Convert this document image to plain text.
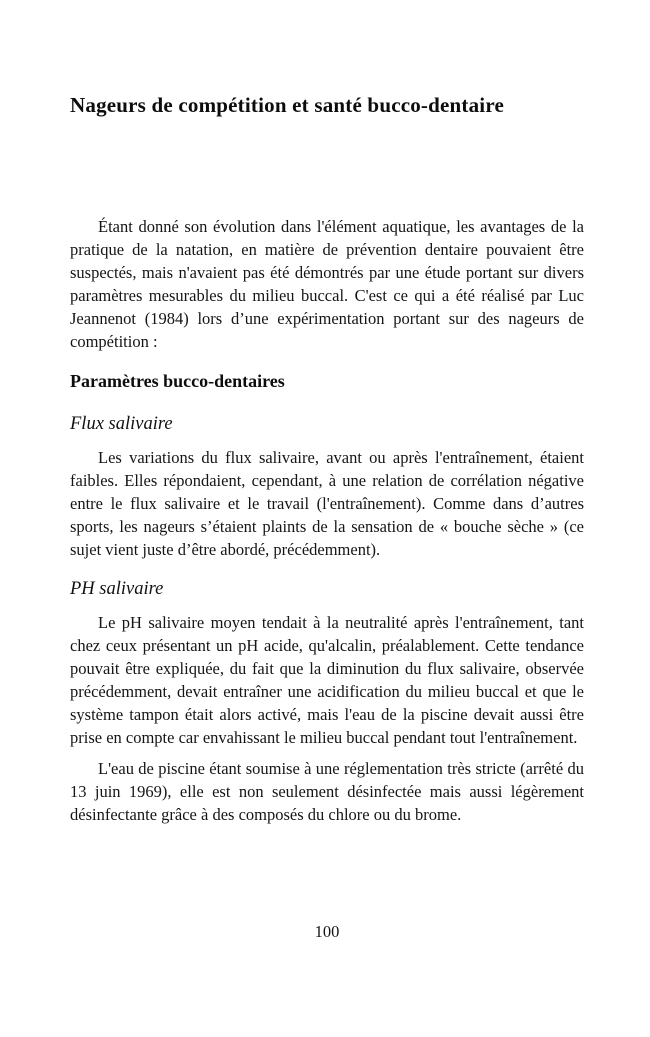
Nageurs de compétition et santé bucco-dentaire

Étant donné son évolution dans l'élément aquatique, les avantages de la pratique de la natation, en matière de prévention dentaire pouvaient être suspectés, mais n'avaient pas été démontrés par une étude portant sur divers paramètres mesurables du milieu buccal. C'est ce qui a été réalisé par Luc Jeannenot (1984) lors d’une expérimentation portant sur des nageurs de compétition :

Paramètres bucco-dentaires
Flux salivaire

Les variations du flux salivaire, avant ou après l'entraînement, étaient faibles. Elles répondaient, cependant, à une relation de corrélation négative entre le flux salivaire et le travail (l'entraînement). Comme dans d’autres sports, les nageurs s’étaient plaints de la sensation de « bouche sèche » (ce sujet vient juste d’être abordé, précédemment).

PH salivaire

Le pH salivaire moyen tendait à la neutralité après l'entraînement, tant chez ceux présentant un pH acide, qu'alcalin, préalablement. Cette tendance pouvait être expliquée, du fait que la diminution du flux salivaire, observée précédemment, devait entraîner une acidification du milieu buccal et que le système tampon était alors activé, mais l'eau de la piscine devait aussi être prise en compte car envahissant le milieu buccal pendant tout l'entraînement.

L'eau de piscine étant soumise à une réglementation très stricte (arrêté du 13 juin 1969), elle est non seulement désinfectée mais aussi légèrement désinfectante grâce à des composés du chlore ou du brome.

100
